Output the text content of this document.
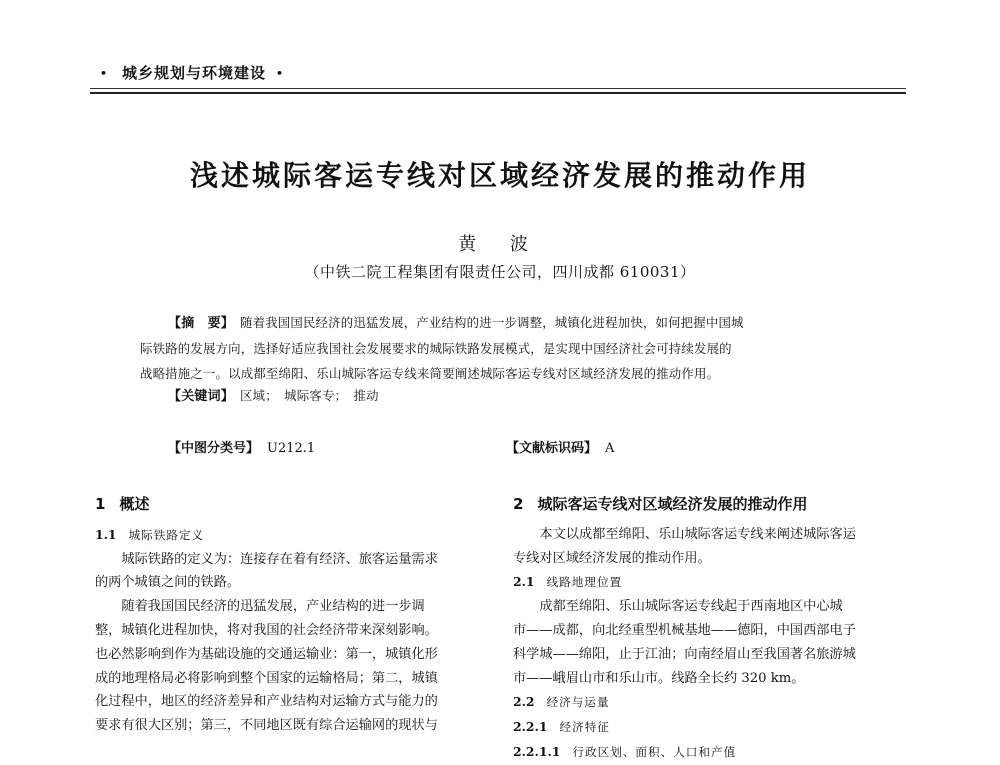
• 城乡规划与环境建设 •
浅述城际客运专线对区域经济发展的推动作用
黄 波
（中铁二院工程集团有限责任公司，四川成都 610031）
【摘　要】 随着我国国民经济的迅猛发展，产业结构的进一步调整，城镇化进程加快，如何把握中国城
际铁路的发展方向，选择好适应我国社会发展要求的城际铁路发展模式，是实现中国经济社会可持续发展的
战略措施之一。以成都至绵阳、乐山城际客运专线来简要阐述城际客运专线对区域经济发展的推动作用。
【关键词】 区域；　城际客专；　推动
【中图分类号】 U212.1	【文献标识码】 A
1 概述
1.1 城际铁路定义

城际铁路的定义为：连接存在着有经济、旅客运量需求

的两个城镇之间的铁路。

随着我国国民经济的迅猛发展，产业结构的进一步调

整，城镇化进程加快，将对我国的社会经济带来深刻影响。

也必然影响到作为基础设施的交通运输业：第一，城镇化形

成的地理格局必将影响到整个国家的运输格局；第二，城镇

化过程中，地区的经济差异和产业结构对运输方式与能力的

要求有很大区别；第三，不同地区既有综合运输网的现状与

2 城际客运专线对区域经济发展的推动作用

本文以成都至绵阳、乐山城际客运专线来阐述城际客运

专线对区域经济发展的推动作用。

2.1 线路地理位置

成都至绵阳、乐山城际客运专线起于西南地区中心城

市——成都，向北经重型机械基地——德阳，中国西部电子

科学城——绵阳，止于江油；向南经眉山至我国著名旅游城

市——峨眉山市和乐山市。线路全长约 320 km。

2.2 经济与运量
2.2.1 经济特征
2.2.1.1 行政区划、面积、人口和产值
